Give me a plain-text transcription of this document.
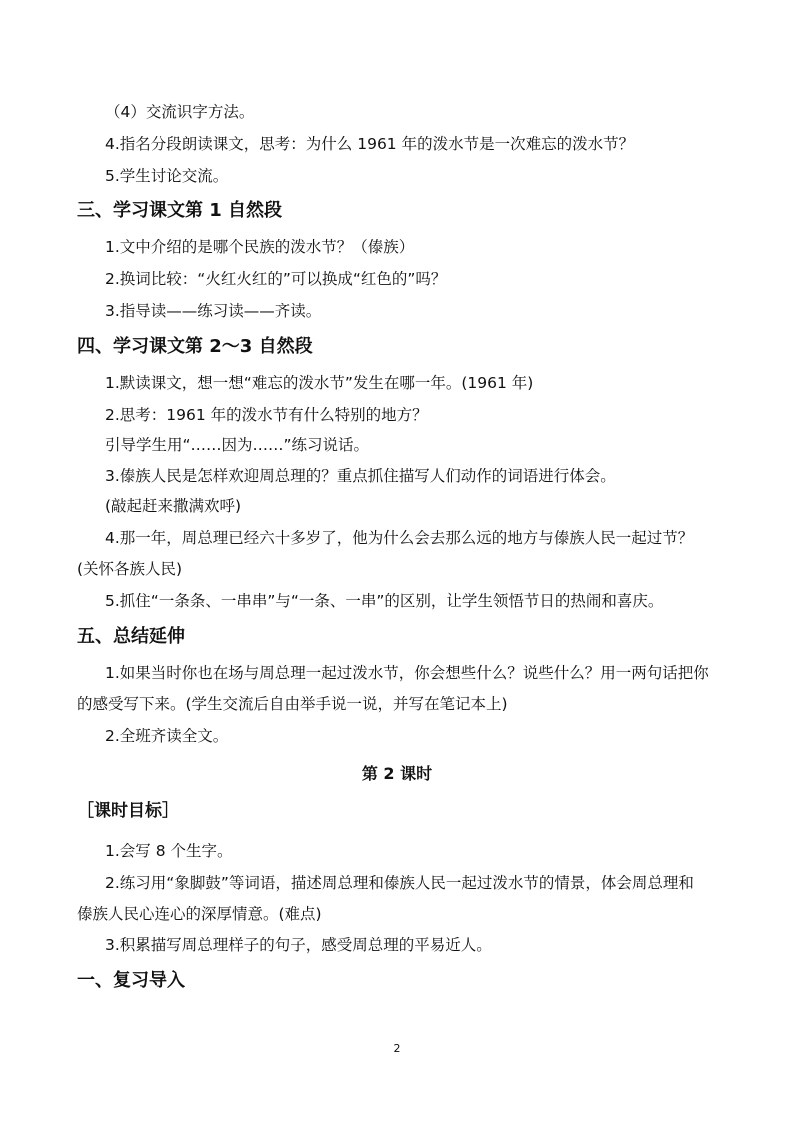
（4）交流识字方法。
4.指名分段朗读课文，思考：为什么 1961 年的泼水节是一次难忘的泼水节？
5.学生讨论交流。
三、学习课文第 1 自然段
1.文中介绍的是哪个民族的泼水节？（傣族）
2.换词比较：“火红火红的”可以换成“红色的”吗？
3.指导读——练习读——齐读。
四、学习课文第 2～3 自然段
1.默读课文，想一想“难忘的泼水节”发生在哪一年。(1961 年)
2.思考：1961 年的泼水节有什么特别的地方？
引导学生用“……因为……”练习说话。
3.傣族人民是怎样欢迎周总理的？重点抓住描写人们动作的词语进行体会。
(敲起赶来撒满欢呼)
4.那一年，周总理已经六十多岁了，他为什么会去那么远的地方与傣族人民一起过节？
(关怀各族人民)
5.抓住“一条条、一串串”与“一条、一串”的区别，让学生领悟节日的热闹和喜庆。
五、总结延伸
1.如果当时你也在场与周总理一起过泼水节，你会想些什么？说些什么？用一两句话把你
的感受写下来。(学生交流后自由举手说一说，并写在笔记本上)
2.全班齐读全文。
第 2 课时
［课时目标］
1.会写 8 个生字。
2.练习用“象脚鼓”等词语，描述周总理和傣族人民一起过泼水节的情景，体会周总理和
傣族人民心连心的深厚情意。(难点)
3.积累描写周总理样子的句子，感受周总理的平易近人。
一、复习导入
2
